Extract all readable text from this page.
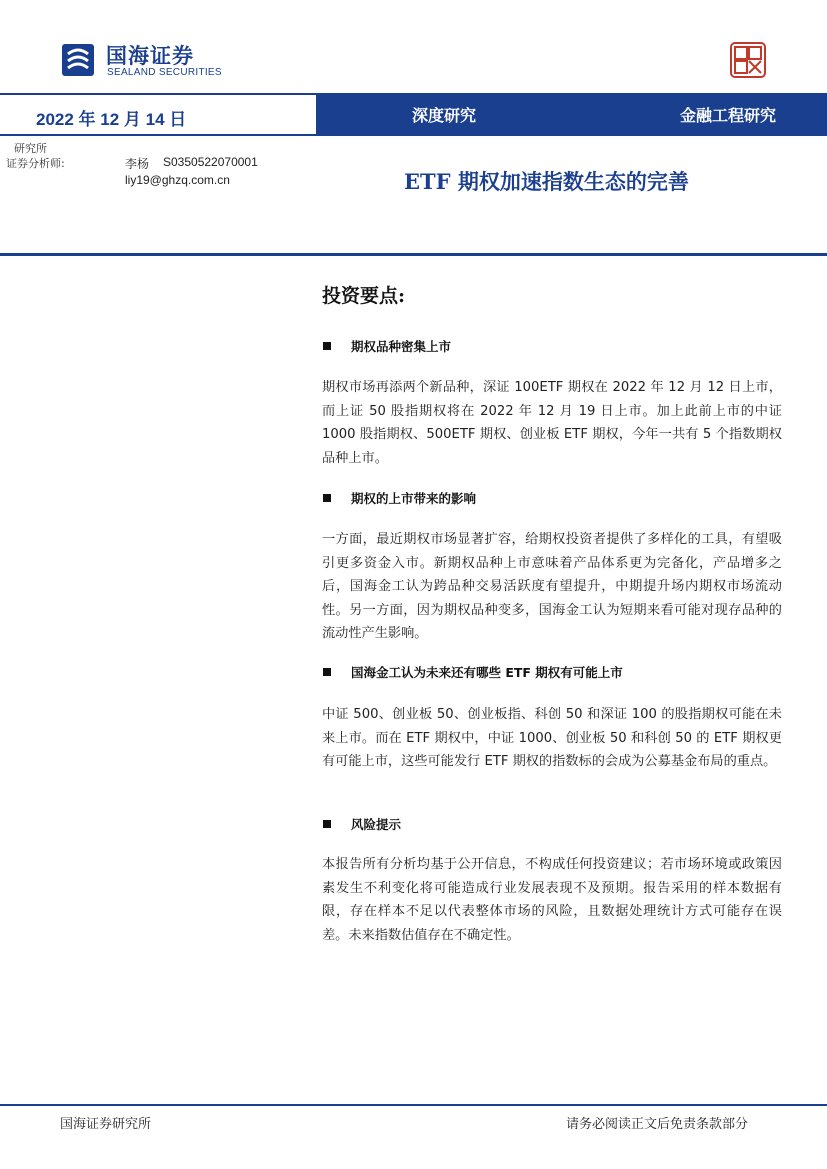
国海证券
SEALAND SECURITIES
2022 年 12 月 14 日	深度研究	金融工程研究
研究所
证券分析师:	李杨 S0350522070001
liy19@ghzq.com.cn	ETF 期权加速指数生态的完善
投资要点:
期权品种密集上市
期权市场再添两个新品种，深证 100ETF 期权在 2022 年 12 月 12 日上市，而上证 50 股指期权将在 2022 年 12 月 19 日上市。加上此前上市的中证 1000 股指期权、500ETF 期权、创业板 ETF 期权，今年一共有 5 个指数期权品种上市。
期权的上市带来的影响
一方面，最近期权市场显著扩容，给期权投资者提供了多样化的工具，有望吸引更多资金入市。新期权品种上市意味着产品体系更为完备化，产品增多之后，国海金工认为跨品种交易活跃度有望提升，中期提升场内期权市场流动性。另一方面，因为期权品种变多，国海金工认为短期来看可能对现存品种的流动性产生影响。
国海金工认为未来还有哪些 ETF 期权有可能上市
中证 500、创业板 50、创业板指、科创 50 和深证 100 的股指期权可能在未来上市。而在 ETF 期权中，中证 1000、创业板 50 和科创 50 的 ETF 期权更有可能上市，这些可能发行 ETF 期权的指数标的会成为公募基金布局的重点。
风险提示
本报告所有分析均基于公开信息，不构成任何投资建议；若市场环境或政策因素发生不利变化将可能造成行业发展表现不及预期。报告采用的样本数据有限，存在样本不足以代表整体市场的风险，且数据处理统计方式可能存在误差。未来指数估值存在不确定性。
国海证券研究所	请务必阅读正文后免责条款部分
